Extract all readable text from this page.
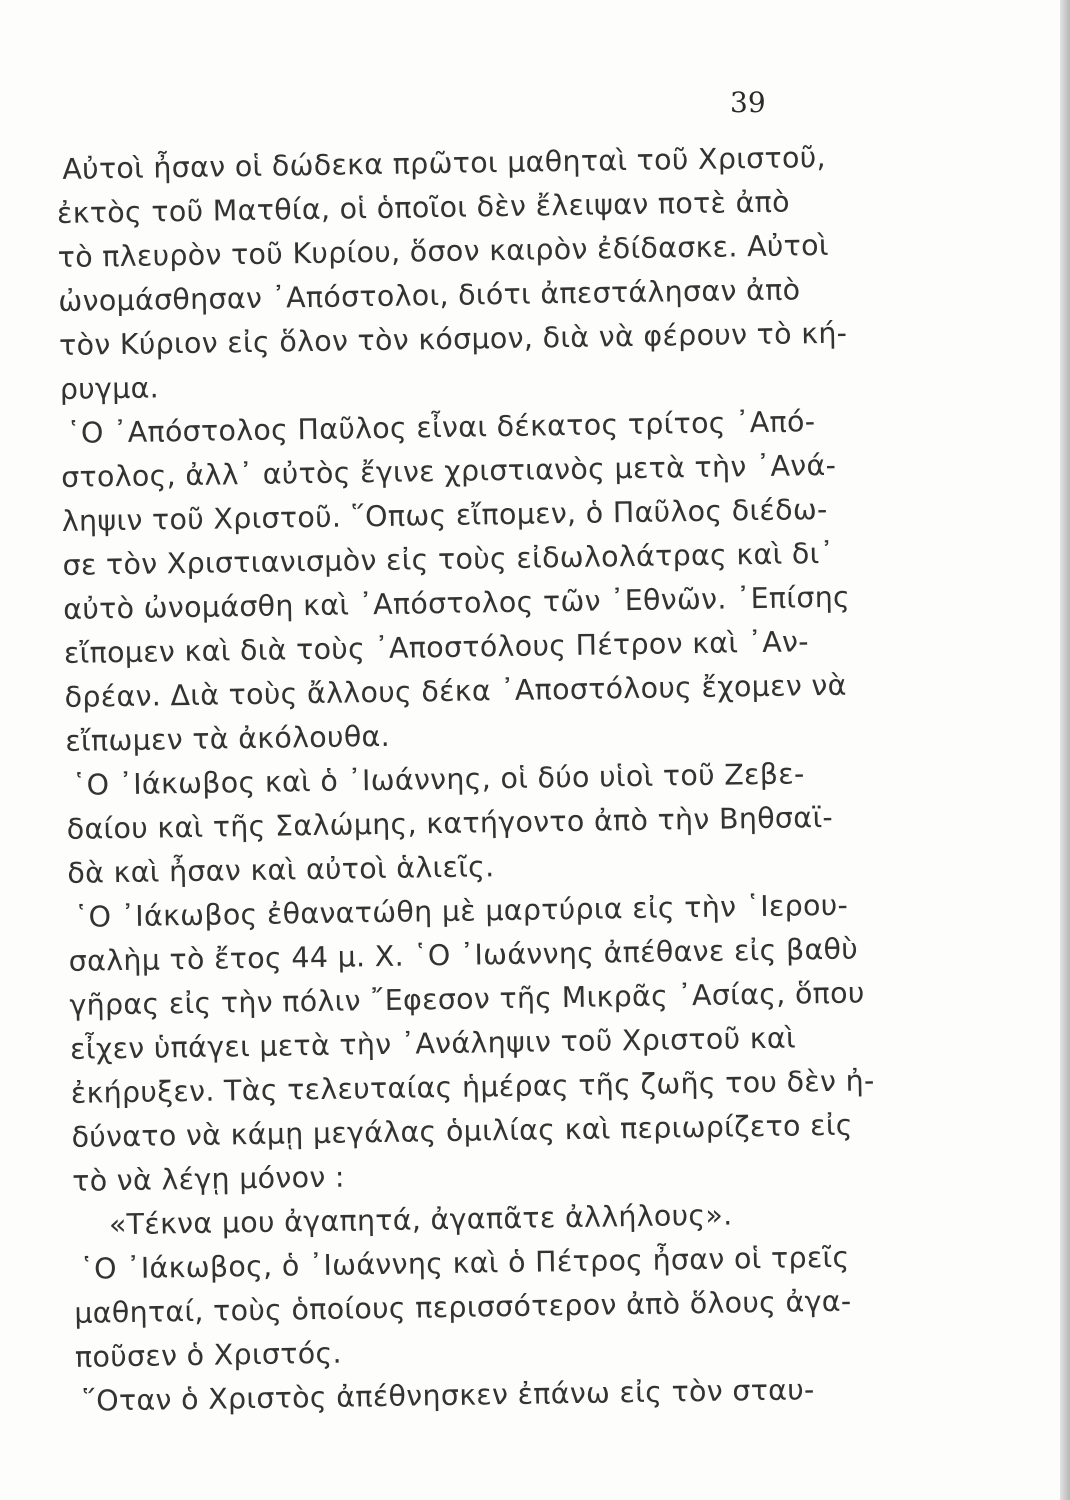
39
Αὐτοὶ ἦσαν οἱ δώδεκα πρῶτοι μαθηταὶ τοῦ Χριστοῦ,
ἐκτὸς τοῦ Ματθία, οἱ ὁποῖοι δὲν ἔλειψαν ποτὲ ἀπὸ
τὸ πλευρὸν τοῦ Κυρίου, ὅσον καιρὸν ἐδίδασκε. Αὐτοὶ
ὠνομάσθησαν ᾿Απόστολοι, διότι ἀπεστάλησαν ἀπὸ
τὸν Κύριον εἰς ὅλον τὸν κόσμον, διὰ νὰ φέρουν τὸ κή-
ρυγμα.
῾Ο ᾿Απόστολος Παῦλος εἶναι δέκατος τρίτος ᾿Από-
στολος, ἀλλ᾿ αὐτὸς ἔγινε χριστιανὸς μετὰ τὴν ᾿Ανά-
ληψιν τοῦ Χριστοῦ. ῞Οπως εἴπομεν, ὁ Παῦλος διέδω-
σε τὸν Χριστιανισμὸν εἰς τοὺς εἰδωλολάτρας καὶ δι᾿
αὐτὸ ὠνομάσθη καὶ ᾿Απόστολος τῶν ᾿Εθνῶν. ᾿Επίσης
εἴπομεν καὶ διὰ τοὺς ᾿Αποστόλους Πέτρον καὶ ᾿Αν-
δρέαν. Διὰ τοὺς ἄλλους δέκα ᾿Αποστόλους ἔχομεν νὰ
εἴπωμεν τὰ ἀκόλουθα.
῾Ο ᾿Ιάκωβος καὶ ὁ ᾿Ιωάννης, οἱ δύο υἱοὶ τοῦ Ζεβε-
δαίου καὶ τῆς Σαλώμης, κατήγοντο ἀπὸ τὴν Βηθσαϊ-
δὰ καὶ ἦσαν καὶ αὐτοὶ ἁλιεῖς.
῾Ο ᾿Ιάκωβος ἐθανατώθη μὲ μαρτύρια εἰς τὴν ῾Ιερου-
σαλὴμ τὸ ἔτος 44 μ. Χ. ῾Ο ᾿Ιωάννης ἀπέθανε εἰς βαθὺ
γῆρας εἰς τὴν πόλιν ῎Εφεσον τῆς Μικρᾶς ᾿Ασίας, ὅπου
εἶχεν ὑπάγει μετὰ τὴν ᾿Ανάληψιν τοῦ Χριστοῦ καὶ
ἐκήρυξεν. Τὰς τελευταίας ἡμέρας τῆς ζωῆς του δὲν ἠ-
δύνατο νὰ κάμῃ μεγάλας ὁμιλίας καὶ περιωρίζετο εἰς
τὸ νὰ λέγῃ μόνον :
«Τέκνα μου ἀγαπητά, ἀγαπᾶτε ἀλλήλους».
῾Ο ᾿Ιάκωβος, ὁ ᾿Ιωάννης καὶ ὁ Πέτρος ἦσαν οἱ τρεῖς
μαθηταί, τοὺς ὁποίους περισσότερον ἀπὸ ὅλους ἀγα-
ποῦσεν ὁ Χριστός.
῞Οταν ὁ Χριστὸς ἀπέθνησκεν ἐπάνω εἰς τὸν σταυ-
